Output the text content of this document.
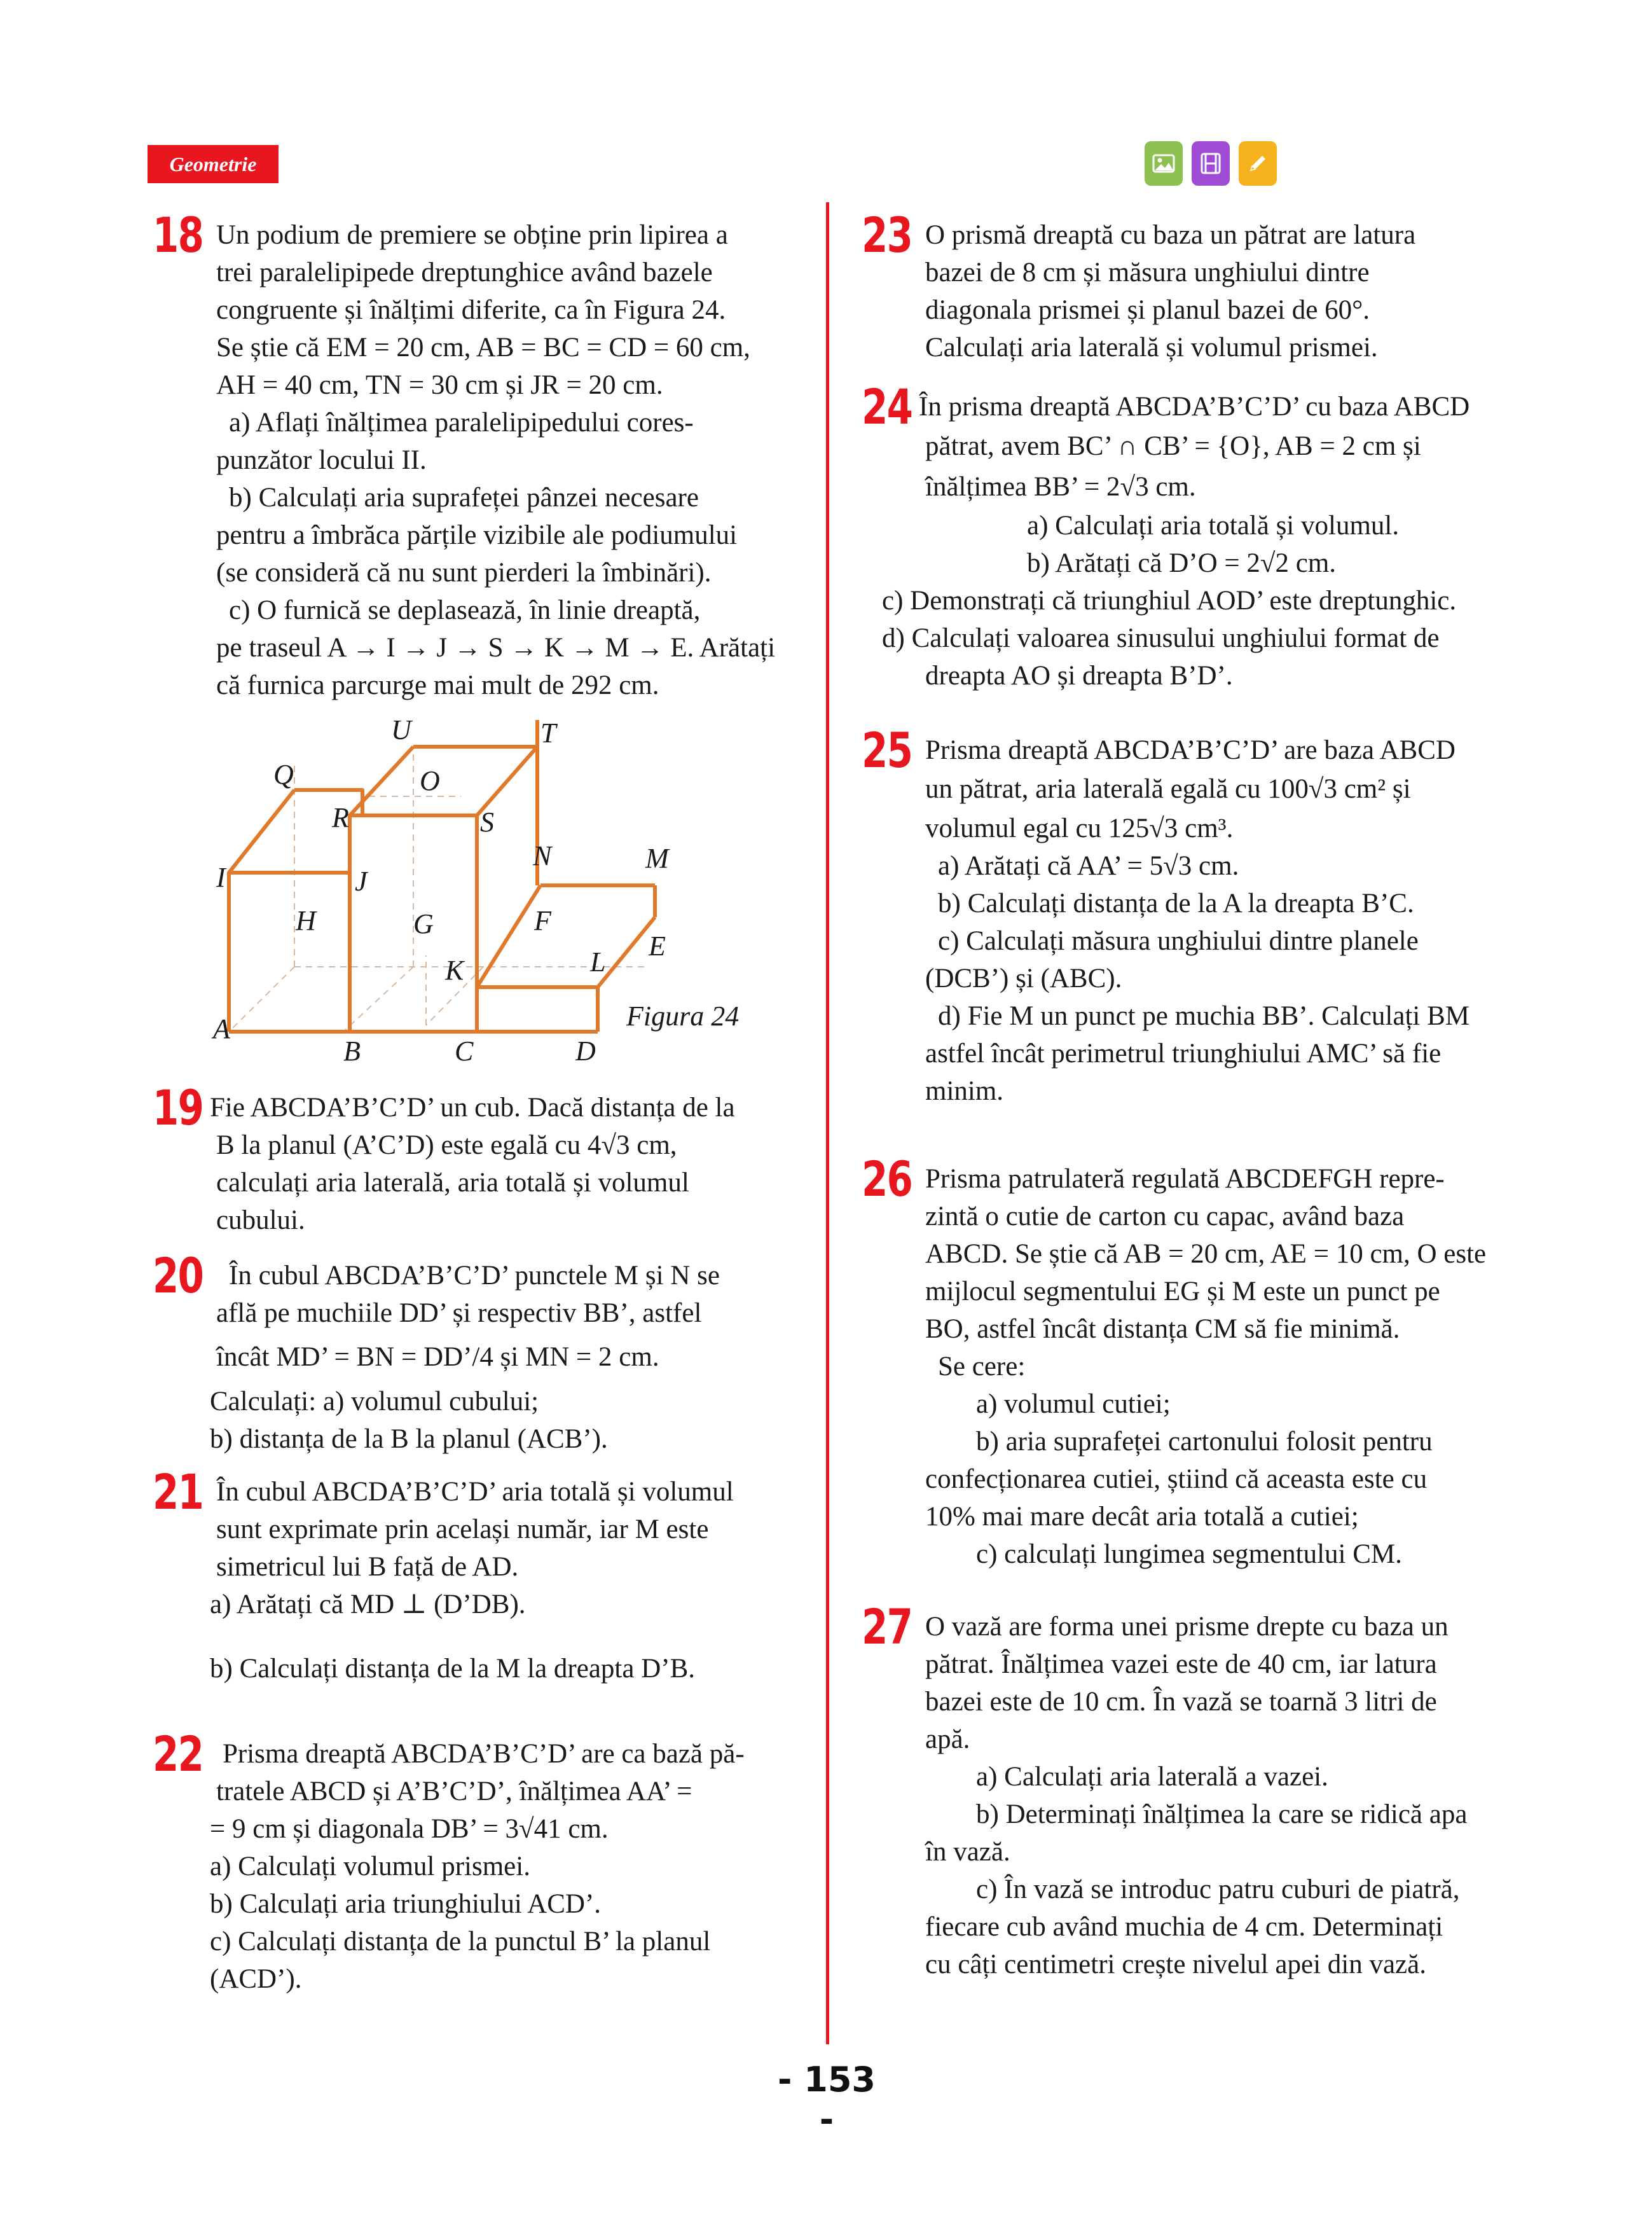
Geometrie
18 Un podium de premiere se obține prin lipirea a

trei paralelipipede dreptunghice având bazele

congruente și înălțimi diferite, ca în Figura 24.

Se știe că EM = 20 cm, AB = BC = CD = 60 cm,

AH = 40 cm, TN = 30 cm și JR = 20 cm.

a) Aflați înălțimea paralelipipedului cores-

punzător locului II.

b) Calculați aria suprafeței pânzei necesare

pentru a îmbrăca părțile vizibile ale podiumului

(se consideră că nu sunt pierderi la îmbinări).

c) O furnică se deplasează, în linie dreaptă,

pe traseul A → I → J → S → K → M → E. Arătați

că furnica parcurge mai mult de 292 cm.

U	T
Q	O
R	S
N	M
I	J
H	G	F
E
K	L
A
B	C	D
Figura 24
19 Fie ABCDA’B’C’D’ un cub. Dacă distanța de la

B la planul (A’C’D) este egală cu 4√3 cm,

calculați aria laterală, aria totală și volumul

cubului.

20 În cubul ABCDA’B’C’D’ punctele M și N se

află pe muchiile DD’ și respectiv BB’, astfel

încât MD’ = BN = DD’/4 și MN = 2 cm.

Calculați: a) volumul cubului;

b) distanța de la B la planul (ACB’).

21 În cubul ABCDA’B’C’D’ aria totală și volumul

sunt exprimate prin același număr, iar M este

simetricul lui B față de AD.

a) Arătați că MD ⊥ (D’DB).

b) Calculați distanța de la M la dreapta D’B.

22 Prisma dreaptă ABCDA’B’C’D’ are ca bază pă-

tratele ABCD și A’B’C’D’, înălțimea AA’ =

= 9 cm și diagonala DB’ = 3√41 cm.

a) Calculați volumul prismei.

b) Calculați aria triunghiului ACD’.

c) Calculați distanța de la punctul B’ la planul

(ACD’).

23 O prismă dreaptă cu baza un pătrat are latura

bazei de 8 cm și măsura unghiului dintre

diagonala prismei și planul bazei de 60°.

Calculați aria laterală și volumul prismei.

24 În prisma dreaptă ABCDA’B’C’D’ cu baza ABCD

pătrat, avem BC’ ∩ CB’ = {O}, AB = 2 cm și

înălțimea BB’ = 2√3 cm.

a) Calculați aria totală și volumul.

b) Arătați că D’O = 2√2 cm.

c) Demonstrați că triunghiul AOD’ este dreptunghic.

d) Calculați valoarea sinusului unghiului format de

dreapta AO și dreapta B’D’.

25 Prisma dreaptă ABCDA’B’C’D’ are baza ABCD

un pătrat, aria laterală egală cu 100√3 cm² și

volumul egal cu 125√3 cm³.

a) Arătați că AA’ = 5√3 cm.

b) Calculați distanța de la A la dreapta B’C.

c) Calculați măsura unghiului dintre planele

(DCB’) și (ABC).

d) Fie M un punct pe muchia BB’. Calculați BM

astfel încât perimetrul triunghiului AMC’ să fie

minim.

26 Prisma patrulateră regulată ABCDEFGH repre-

zintă o cutie de carton cu capac, având baza

ABCD. Se știe că AB = 20 cm, AE = 10 cm, O este

mijlocul segmentului EG și M este un punct pe

BO, astfel încât distanța CM să fie minimă.

Se cere:

a) volumul cutiei;

b) aria suprafeței cartonului folosit pentru

confecționarea cutiei, știind că aceasta este cu

10% mai mare decât aria totală a cutiei;

c) calculați lungimea segmentului CM.

27 O vază are forma unei prisme drepte cu baza un

pătrat. Înălțimea vazei este de 40 cm, iar latura

bazei este de 10 cm. În vază se toarnă 3 litri de

apă.

a) Calculați aria laterală a vazei.

b) Determinați înălțimea la care se ridică apa

în vază.

c) În vază se introduc patru cuburi de piatră,

fiecare cub având muchia de 4 cm. Determinați

cu câți centimetri crește nivelul apei din vază.

- 153 -
